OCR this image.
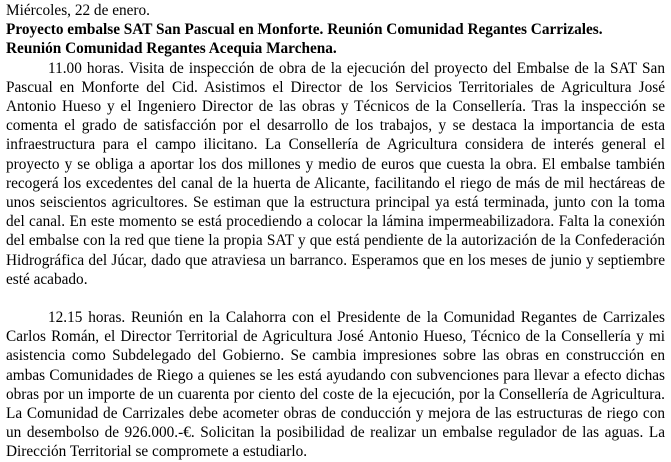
Miércoles, 22 de enero.

Proyecto embalse SAT San Pascual en Monforte. Reunión Comunidad Regantes Carrizales.
Reunión Comunidad Regantes Acequia Marchena.

11.00 horas. Visita de inspección de obra de la ejecución del proyecto del Embalse de la SAT San Pascual en Monforte del Cid. Asistimos el Director de los Servicios Territoriales de Agricultura José Antonio Hueso y el Ingeniero Director de las obras y Técnicos de la Consellería. Tras la inspección se comenta el grado de satisfacción por el desarrollo de los trabajos, y se destaca la importancia de esta infraestructura para el campo ilicitano. La Consellería de Agricultura considera de interés general el proyecto y se obliga a aportar los dos millones y medio de euros que cuesta la obra. El embalse también recogerá los excedentes del canal de la huerta de Alicante, facilitando el riego de más de mil hectáreas de unos seiscientos agricultores. Se estiman que la estructura principal ya está terminada, junto con la toma del canal. En este momento se está procediendo a colocar la lámina impermeabilizadora. Falta la conexión del embalse con la red que tiene la propia SAT y que está pendiente de la autorización de la Confederación Hidrográfica del Júcar, dado que atraviesa un barranco. Esperamos que en los meses de junio y septiembre esté acabado.

12.15 horas. Reunión en la Calahorra con el Presidente de la Comunidad Regantes de Carrizales Carlos Román, el Director Territorial de Agricultura José Antonio Hueso, Técnico de la Consellería y mi asistencia como Subdelegado del Gobierno. Se cambia impresiones sobre las obras en construcción en ambas Comunidades de Riego a quienes se les está ayudando con subvenciones para llevar a efecto dichas obras por un importe de un cuarenta por ciento del coste de la ejecución, por la Consellería de Agricultura. La Comunidad de Carrizales debe acometer obras de conducción y mejora de las estructuras de riego con un desembolso de 926.000.-€. Solicitan la posibilidad de realizar un embalse regulador de las aguas. La Dirección Territorial se compromete a estudiarlo.
